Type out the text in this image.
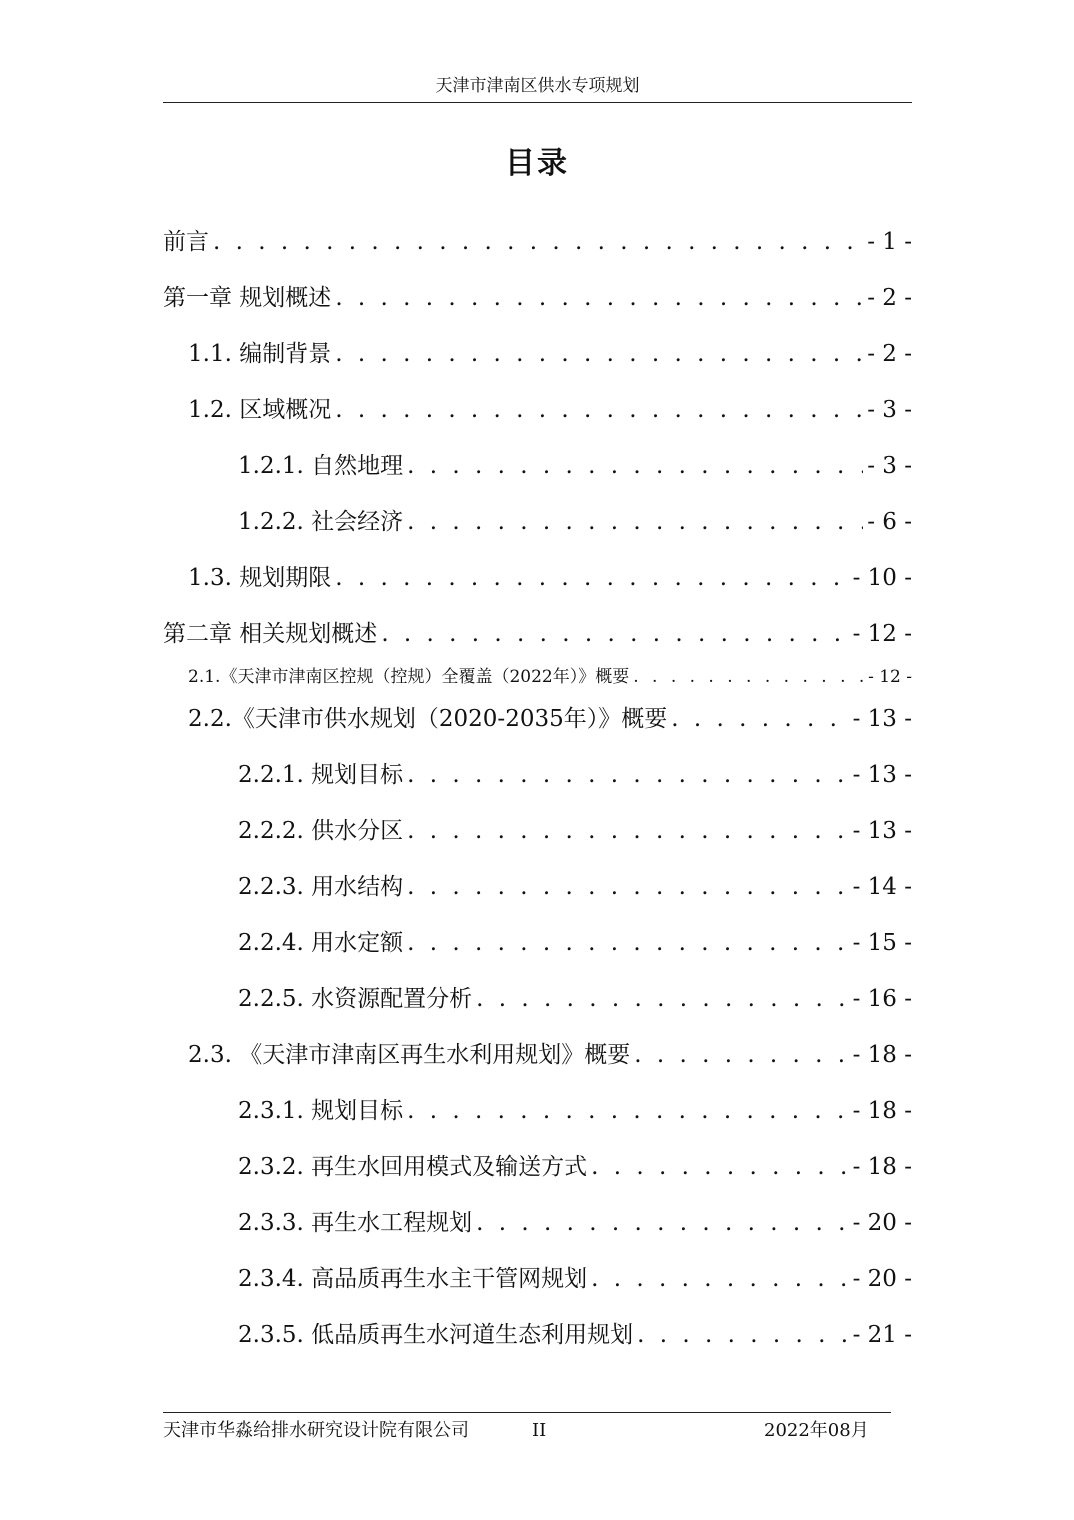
天津市津南区供水专项规划
目录
前言 . . .	- 1 -
第一章 规划概述 . . .	- 2 -
1.1. 编制背景 . . .	- 2 -
1.2. 区域概况 . . .	- 3 -
1.2.1. 自然地理 . . .	- 3 -
1.2.2. 社会经济 . . .	- 6 -
1.3. 规划期限 . . .	- 10 -
第二章 相关规划概述 . . .	- 12 -
2.1.《天津市津南区控规（控规）全覆盖（2022年）》概要 . . .	- 12 -
2.2.《天津市供水规划（2020-2035年）》概要 . . .	- 13 -
2.2.1. 规划目标 . . .	- 13 -
2.2.2. 供水分区 . . .	- 13 -
2.2.3. 用水结构 . . .	- 14 -
2.2.4. 用水定额 . . .	- 15 -
2.2.5. 水资源配置分析 . . .	- 16 -
2.3. 《天津市津南区再生水利用规划》概要 . . .	- 18 -
2.3.1. 规划目标 . . .	- 18 -
2.3.2. 再生水回用模式及输送方式 . . .	- 18 -
2.3.3. 再生水工程规划 . . .	- 20 -
2.3.4. 高品质再生水主干管网规划 . . .	- 20 -
2.3.5. 低品质再生水河道生态利用规划 . . .	- 21 -
天津市华淼给排水研究设计院有限公司	II	2022年08月
